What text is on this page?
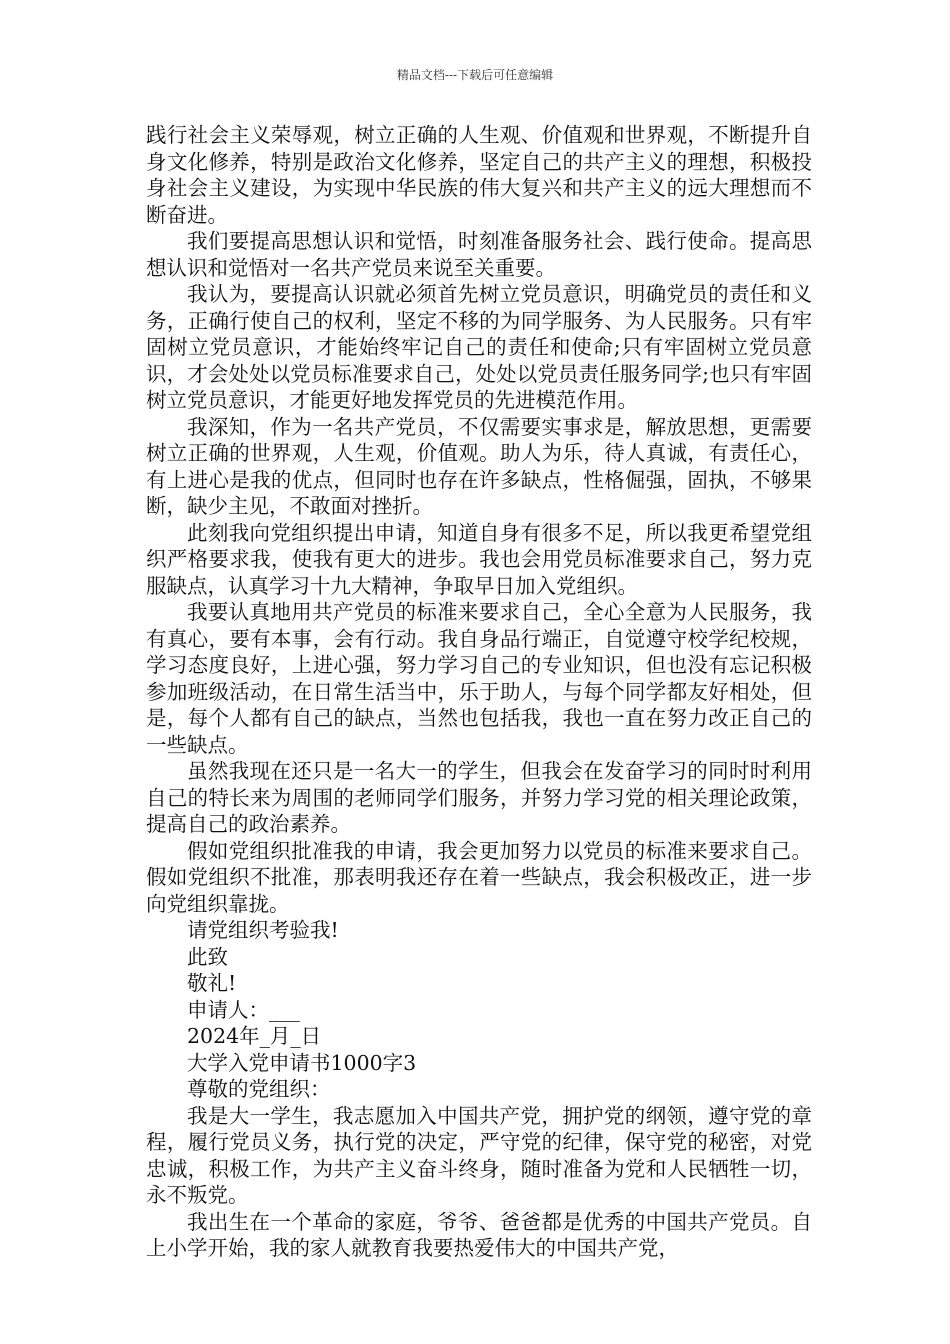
精品文档---下载后可任意编辑

践行社会主义荣辱观，树立正确的人生观、价值观和世界观，不断提升自身文化修养，特别是政治文化修养，坚定自己的共产主义的理想，积极投身社会主义建设，为实现中华民族的伟大复兴和共产主义的远大理想而不断奋进。

我们要提高思想认识和觉悟，时刻准备服务社会、践行使命。提高思想认识和觉悟对一名共产党员来说至关重要。

我认为，要提高认识就必须首先树立党员意识，明确党员的责任和义务，正确行使自己的权利，坚定不移的为同学服务、为人民服务。只有牢固树立党员意识，才能始终牢记自己的责任和使命;只有牢固树立党员意识，才会处处以党员标准要求自己，处处以党员责任服务同学;也只有牢固树立党员意识，才能更好地发挥党员的先进模范作用。

我深知，作为一名共产党员，不仅需要实事求是，解放思想，更需要树立正确的世界观，人生观，价值观。助人为乐，待人真诚，有责任心，有上进心是我的优点，但同时也存在许多缺点，性格倔强，固执，不够果断，缺少主见，不敢面对挫折。

此刻我向党组织提出申请，知道自身有很多不足，所以我更希望党组织严格要求我，使我有更大的进步。我也会用党员标准要求自己，努力克服缺点，认真学习十九大精神，争取早日加入党组织。

我要认真地用共产党员的标准来要求自己，全心全意为人民服务，我有真心，要有本事，会有行动。我自身品行端正，自觉遵守校学纪校规，学习态度良好，上进心强，努力学习自己的专业知识，但也没有忘记积极参加班级活动，在日常生活当中，乐于助人，与每个同学都友好相处，但是，每个人都有自己的缺点，当然也包括我，我也一直在努力改正自己的一些缺点。

虽然我现在还只是一名大一的学生，但我会在发奋学习的同时时利用自己的特长来为周围的老师同学们服务，并努力学习党的相关理论政策，提高自己的政治素养。

假如党组织批准我的申请，我会更加努力以党员的标准来要求自己。假如党组织不批准，那表明我还存在着一些缺点，我会积极改正，进一步向党组织靠拢。

请党组织考验我!

此致

敬礼!

申请人：___

2024年_月_日

大学入党申请书1000字3

尊敬的党组织：

我是大一学生，我志愿加入中国共产党，拥护党的纲领，遵守党的章程，履行党员义务，执行党的决定，严守党的纪律，保守党的秘密，对党忠诚，积极工作，为共产主义奋斗终身，随时准备为党和人民牺牲一切，永不叛党。

我出生在一个革命的家庭，爷爷、爸爸都是优秀的中国共产党员。自上小学开始，我的家人就教育我要热爱伟大的中国共产党，
